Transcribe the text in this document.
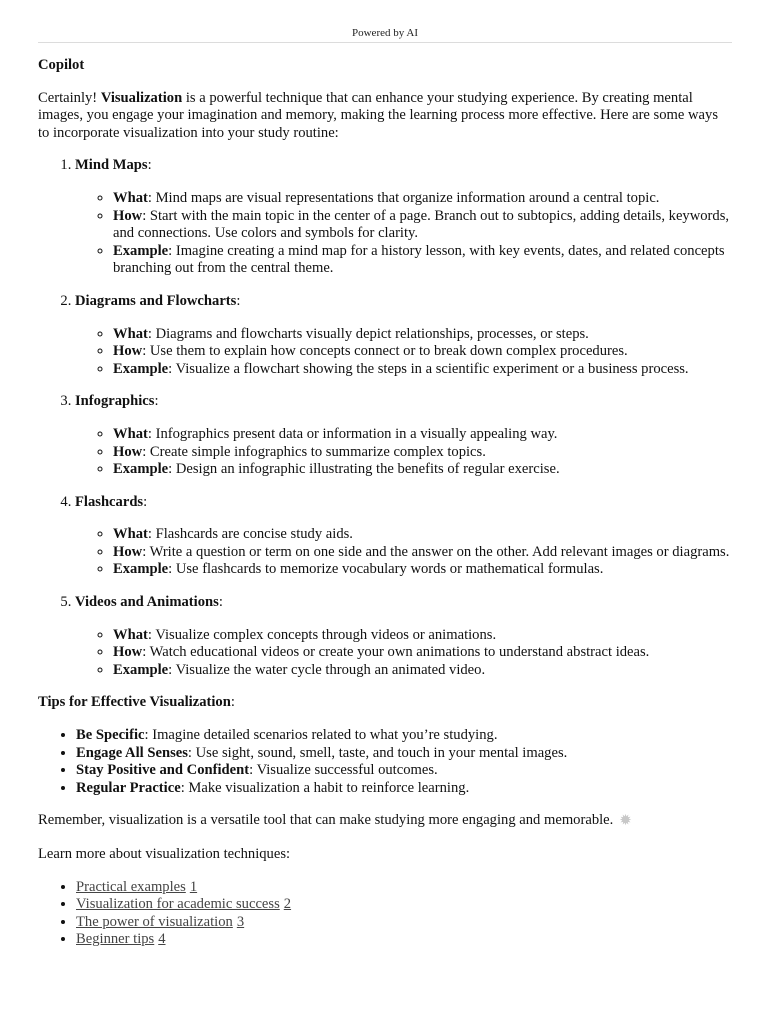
Powered by AI

Copilot

Certainly! Visualization is a powerful technique that can enhance your studying experience. By creating mental images, you engage your imagination and memory, making the learning process more effective. Here are some ways to incorporate visualization into your study routine:

1. Mind Maps:
◦ What: Mind maps are visual representations that organize information around a central topic.
◦ How: Start with the main topic in the center of a page. Branch out to subtopics, adding details, keywords, and connections. Use colors and symbols for clarity.
◦ Example: Imagine creating a mind map for a history lesson, with key events, dates, and related concepts branching out from the central theme.
2. Diagrams and Flowcharts:
◦ What: Diagrams and flowcharts visually depict relationships, processes, or steps.
◦ How: Use them to explain how concepts connect or to break down complex procedures.
◦ Example: Visualize a flowchart showing the steps in a scientific experiment or a business process.
3. Infographics:
◦ What: Infographics present data or information in a visually appealing way.
◦ How: Create simple infographics to summarize complex topics.
◦ Example: Design an infographic illustrating the benefits of regular exercise.
4. Flashcards:
◦ What: Flashcards are concise study aids.
◦ How: Write a question or term on one side and the answer on the other. Add relevant images or diagrams.
◦ Example: Use flashcards to memorize vocabulary words or mathematical formulas.
5. Videos and Animations:
◦ What: Visualize complex concepts through videos or animations.
◦ How: Watch educational videos or create your own animations to understand abstract ideas.
◦ Example: Visualize the water cycle through an animated video.

Tips for Effective Visualization:

• Be Specific: Imagine detailed scenarios related to what you’re studying.
• Engage All Senses: Use sight, sound, smell, taste, and touch in your mental images.
• Stay Positive and Confident: Visualize successful outcomes.
• Regular Practice: Make visualization a habit to reinforce learning.

Remember, visualization is a versatile tool that can make studying more engaging and memorable. ✹

Learn more about visualization techniques:

• Practical examples 1
• Visualization for academic success 2
• The power of visualization 3
• Beginner tips 4
